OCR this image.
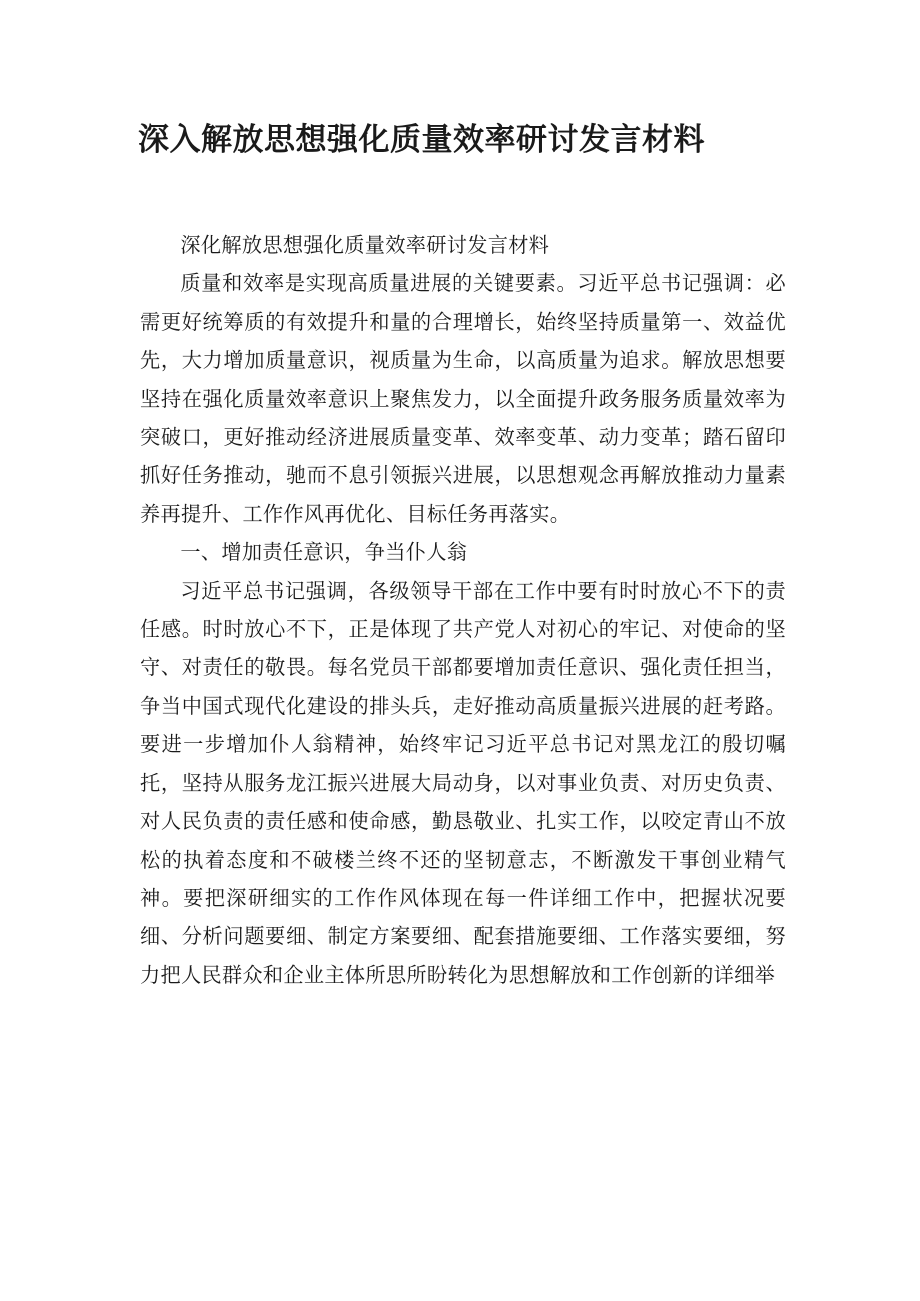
深入解放思想强化质量效率研讨发言材料

深化解放思想强化质量效率研讨发言材料

质量和效率是实现高质量进展的关键要素。习近平总书记强调：必需更好统筹质的有效提升和量的合理增长，始终坚持质量第一、效益优先，大力增加质量意识，视质量为生命，以高质量为追求。解放思想要坚持在强化质量效率意识上聚焦发力，以全面提升政务服务质量效率为突破口，更好推动经济进展质量变革、效率变革、动力变革；踏石留印抓好任务推动，驰而不息引领振兴进展，以思想观念再解放推动力量素养再提升、工作作风再优化、目标任务再落实。

一、增加责任意识，争当仆人翁

习近平总书记强调，各级领导干部在工作中要有时时放心不下的责任感。时时放心不下，正是体现了共产党人对初心的牢记、对使命的坚守、对责任的敬畏。每名党员干部都要增加责任意识、强化责任担当，争当中国式现代化建设的排头兵，走好推动高质量振兴进展的赶考路。要进一步增加仆人翁精神，始终牢记习近平总书记对黑龙江的殷切嘱托，坚持从服务龙江振兴进展大局动身，以对事业负责、对历史负责、对人民负责的责任感和使命感，勤恳敬业、扎实工作，以咬定青山不放松的执着态度和不破楼兰终不还的坚韧意志，不断激发干事创业精气神。要把深研细实的工作作风体现在每一件详细工作中，把握状况要细、分析问题要细、制定方案要细、配套措施要细、工作落实要细，努力把人民群众和企业主体所思所盼转化为思想解放和工作创新的详细举
